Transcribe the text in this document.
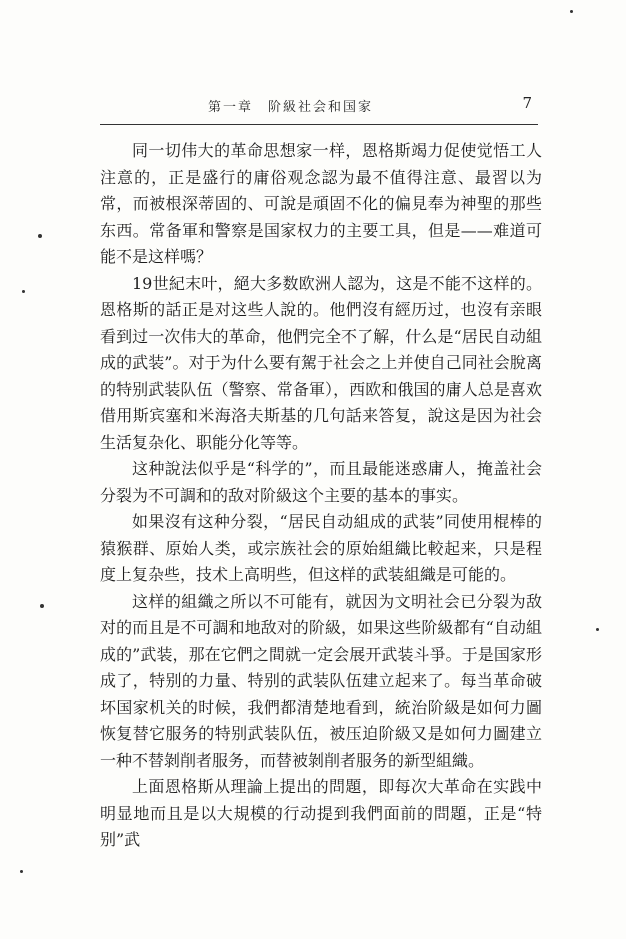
第一章　阶級社会和国家	7

同一切伟大的革命思想家一样，恩格斯竭力促使觉悟工人注意的，正是盛行的庸俗观念認为最不值得注意、最習以为常，而被根深蒂固的、可說是頑固不化的偏見奉为神聖的那些东西。常备軍和警察是国家权力的主要工具，但是——难道可能不是这样嗎？

19世紀末叶，絕大多数欧洲人認为，这是不能不这样的。恩格斯的話正是对这些人說的。他們沒有經历过，也沒有亲眼看到过一次伟大的革命，他們完全不了解，什么是“居民自动組成的武装”。对于为什么要有駕于社会之上并使自己同社会脫离的特别武装队伍（警察、常备軍），西欧和俄国的庸人总是喜欢借用斯宾塞和米海洛夫斯基的几句話来答复，說这是因为社会生活复杂化、职能分化等等。

这种說法似乎是“科学的”，而且最能迷惑庸人，掩盖社会分裂为不可調和的敌对阶級这个主要的基本的事实。

如果沒有这种分裂，“居民自动組成的武装”同使用棍棒的猿猴群、原始人类，或宗族社会的原始組織比較起来，只是程度上复杂些，技术上高明些，但这样的武装組織是可能的。

这样的組織之所以不可能有，就因为文明社会已分裂为敌对的而且是不可調和地敌对的阶級，如果这些阶級都有“自动組成的”武装，那在它們之間就一定会展开武装斗爭。于是国家形成了，特别的力量、特别的武装队伍建立起来了。每当革命破坏国家机关的时候，我們都清楚地看到，統治阶級是如何力圖恢复替它服务的特别武装队伍，被压迫阶級又是如何力圖建立一种不替剝削者服务，而替被剝削者服务的新型組織。

上面恩格斯从理論上提出的問題，即每次大革命在实践中明显地而且是以大規模的行动提到我們面前的問題，正是“特别”武
